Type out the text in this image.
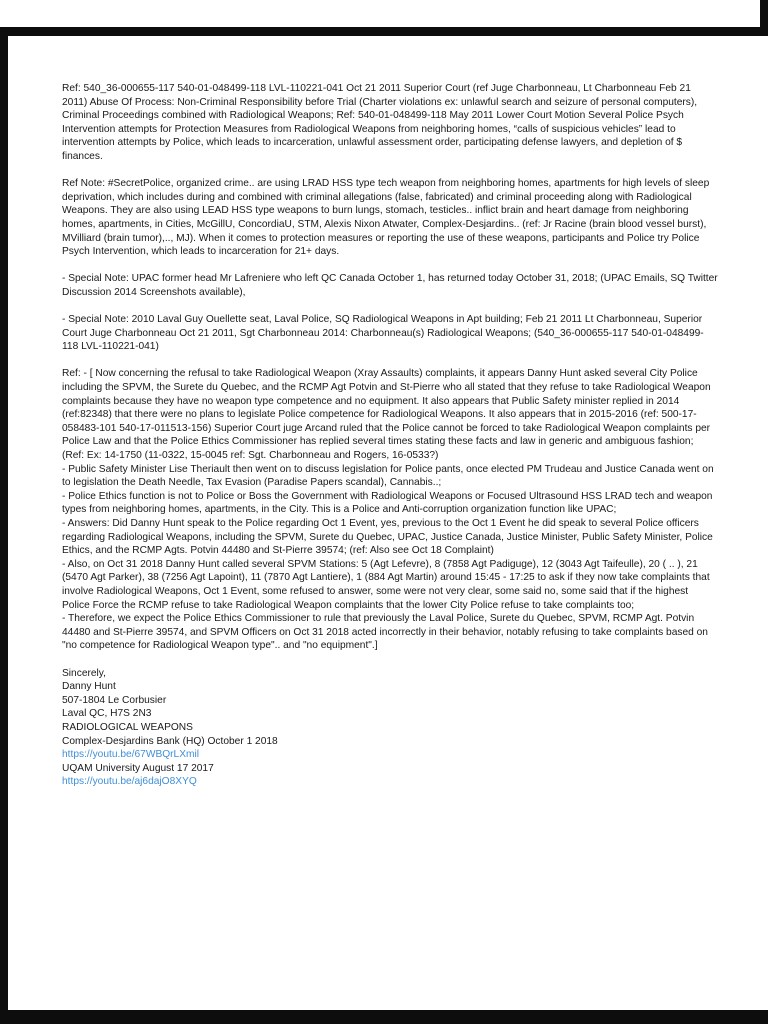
Ref: 540_36-000655-117 540-01-048499-118 LVL-110221-041 Oct 21 2011 Superior Court (ref Juge Charbonneau, Lt Charbonneau Feb 21 2011) Abuse Of Process: Non-Criminal Responsibility before Trial (Charter violations ex: unlawful search and seizure of personal computers), Criminal Proceedings combined with Radiological Weapons; Ref: 540-01-048499-118 May 2011 Lower Court Motion Several Police Psych Intervention attempts for Protection Measures from Radiological Weapons from neighboring homes, “calls of suspicious vehicles” lead to intervention attempts by Police, which leads to incarceration, unlawful assessment order, participating defense lawyers, and depletion of $ finances.

Ref Note: #SecretPolice, organized crime.. are using LRAD HSS type tech weapon from neighboring homes, apartments for high levels of sleep deprivation, which includes during and combined with criminal allegations (false, fabricated) and criminal proceeding along with Radiological Weapons. They are also using LEAD HSS type weapons to burn lungs, stomach, testicles.. inflict brain and heart damage from neighboring homes, apartments, in Cities, McGillU, ConcordiaU, STM, Alexis Nixon Atwater, Complex-Desjardins.. (ref: Jr Racine (brain blood vessel burst), MVilliard (brain tumor),.., MJ). When it comes to protection measures or reporting the use of these weapons, participants and Police try Police Psych Intervention, which leads to incarceration for 21+ days.

- Special Note: UPAC former head Mr Lafreniere who left QC Canada October 1, has returned today October 31, 2018; (UPAC Emails, SQ Twitter Discussion 2014 Screenshots available),

- Special Note: 2010 Laval Guy Ouellette seat, Laval Police, SQ Radiological Weapons in Apt building; Feb 21 2011 Lt Charbonneau, Superior Court Juge Charbonneau Oct 21 2011, Sgt Charbonneau 2014: Charbonneau(s) Radiological Weapons; (540_36-000655-117 540-01-048499-118 LVL-110221-041)

Ref: - [ Now concerning the refusal to take Radiological Weapon (Xray Assaults) complaints, it appears Danny Hunt asked several City Police including the SPVM, the Surete du Quebec, and the RCMP Agt Potvin and St-Pierre who all stated that they refuse to take Radiological Weapon complaints because they have no weapon type competence and no equipment. It also appears that Public Safety minister replied in 2014 (ref:82348) that there were no plans to legislate Police competence for Radiological Weapons. It also appears that in 2015-2016 (ref: 500-17-058483-101 540-17-011513-156) Superior Court juge Arcand ruled that the Police cannot be forced to take Radiological Weapon complaints per Police Law and that the Police Ethics Commissioner has replied several times stating these facts and law in generic and ambiguous fashion; (Ref: Ex: 14-1750 (11-0322, 15-0045 ref: Sgt. Charbonneau and Rogers, 16-0533?)

- Public Safety Minister Lise Theriault then went on to discuss legislation for Police pants, once elected PM Trudeau and Justice Canada went on to legislation the Death Needle, Tax Evasion (Paradise Papers scandal), Cannabis..;

- Police Ethics function is not to Police or Boss the Government with Radiological Weapons or Focused Ultrasound HSS LRAD tech and weapon types from neighboring homes, apartments, in the City. This is a Police and Anti-corruption organization function like UPAC;

- Answers: Did Danny Hunt speak to the Police regarding Oct 1 Event, yes, previous to the Oct 1 Event he did speak to several Police officers regarding Radiological Weapons, including the SPVM, Surete du Quebec, UPAC, Justice Canada, Justice Minister, Public Safety Minister, Police Ethics, and the RCMP Agts. Potvin 44480 and St-Pierre 39574; (ref: Also see Oct 18 Complaint)

- Also, on Oct 31 2018 Danny Hunt called several SPVM Stations: 5 (Agt Lefevre), 8 (7858 Agt Padiguge), 12 (3043 Agt Taifeulle), 20 ( .. ), 21 (5470 Agt Parker), 38 (7256 Agt Lapoint), 11 (7870 Agt Lantiere), 1 (884 Agt Martin) around 15:45 - 17:25 to ask if they now take complaints that involve Radiological Weapons, Oct 1 Event, some refused to answer, some were not very clear, some said no, some said that if the highest Police Force the RCMP refuse to take Radiological Weapon complaints that the lower City Police refuse to take complaints too;

- Therefore, we expect the Police Ethics Commissioner to rule that previously the Laval Police, Surete du Quebec, SPVM, RCMP Agt. Potvin 44480 and St-Pierre 39574, and SPVM Officers on Oct 31 2018 acted incorrectly in their behavior, notably refusing to take complaints based on "no competence for Radiological Weapon type".. and "no equipment".]

Sincerely,

Danny Hunt

507-1804 Le Corbusier

Laval QC, H7S 2N3

RADIOLOGICAL WEAPONS

Complex-Desjardins Bank (HQ) October 1 2018

https://youtu.be/67WBQrLXmil

UQAM University August 17 2017

https://youtu.be/aj6dajO8XYQ
